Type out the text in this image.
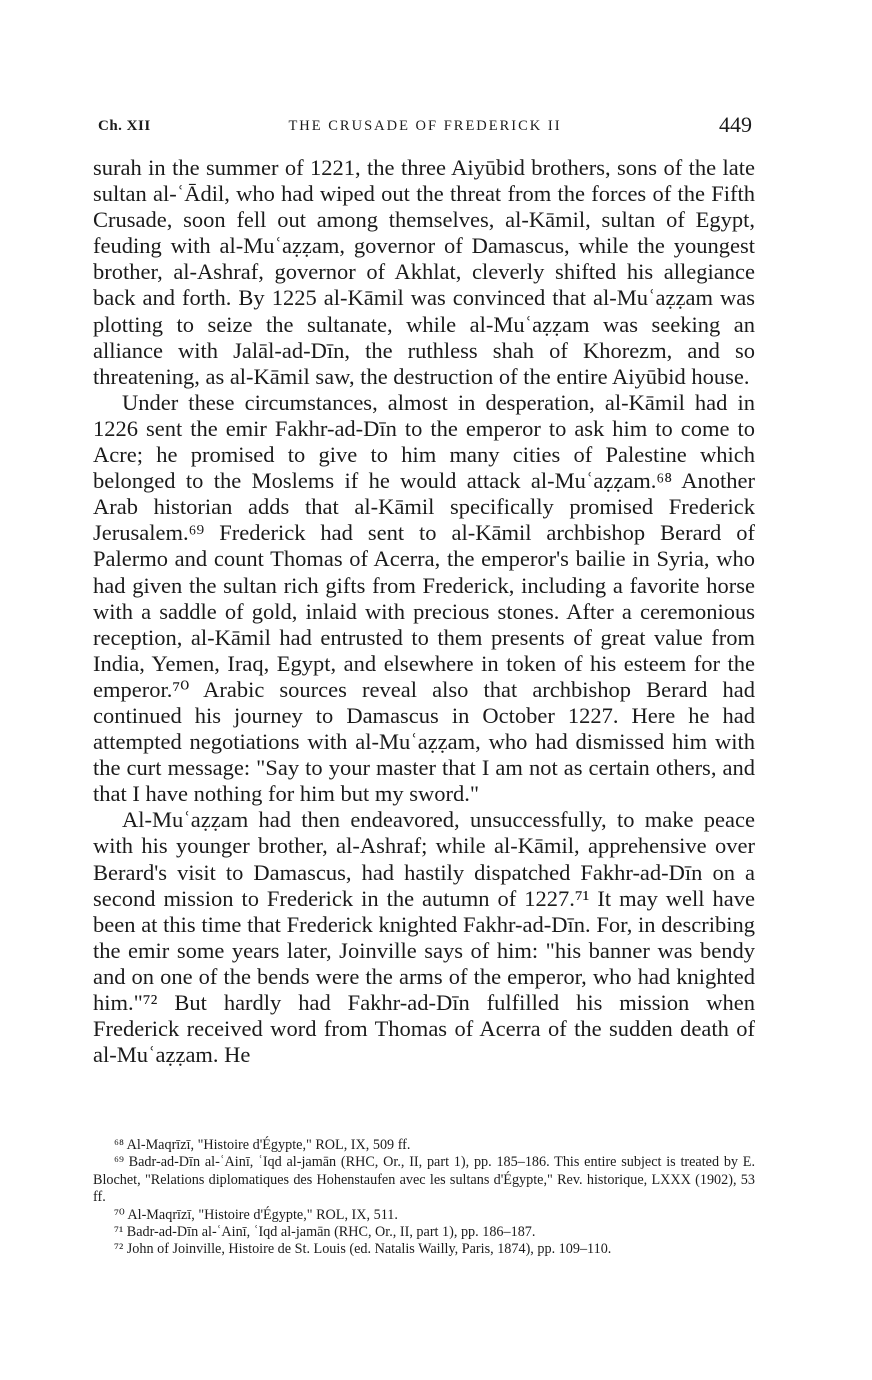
Ch. XII	THE CRUSADE OF FREDERICK II	449

surah in the summer of 1221, the three Aiyūbid brothers, sons of the late sultan al-ʿĀdil, who had wiped out the threat from the forces of the Fifth Crusade, soon fell out among themselves, al-Kāmil, sultan of Egypt, feuding with al-Muʿaẓẓam, governor of Damascus, while the youngest brother, al-Ashraf, governor of Akhlat, cleverly shifted his allegiance back and forth. By 1225 al-Kāmil was convinced that al-Muʿaẓẓam was plotting to seize the sultanate, while al-Muʿaẓẓam was seeking an alliance with Jalāl-ad-Dīn, the ruthless shah of Khorezm, and so threatening, as al-Kāmil saw, the destruction of the entire Aiyūbid house.

Under these circumstances, almost in desperation, al-Kāmil had in 1226 sent the emir Fakhr-ad-Dīn to the emperor to ask him to come to Acre; he promised to give to him many cities of Palestine which belonged to the Moslems if he would attack al-Muʿaẓẓam.⁶⁸ Another Arab historian adds that al-Kāmil specifically promised Frederick Jerusalem.⁶⁹ Frederick had sent to al-Kāmil archbishop Berard of Palermo and count Thomas of Acerra, the emperor's bailie in Syria, who had given the sultan rich gifts from Frederick, including a favorite horse with a saddle of gold, inlaid with precious stones. After a ceremonious reception, al-Kāmil had entrusted to them presents of great value from India, Yemen, Iraq, Egypt, and elsewhere in token of his esteem for the emperor.⁷⁰ Arabic sources reveal also that archbishop Berard had continued his journey to Damascus in October 1227. Here he had attempted negotiations with al-Muʿaẓẓam, who had dismissed him with the curt message: "Say to your master that I am not as certain others, and that I have nothing for him but my sword."

Al-Muʿaẓẓam had then endeavored, unsuccessfully, to make peace with his younger brother, al-Ashraf; while al-Kāmil, apprehensive over Berard's visit to Damascus, had hastily dispatched Fakhr-ad-Dīn on a second mission to Frederick in the autumn of 1227.⁷¹ It may well have been at this time that Frederick knighted Fakhr-ad-Dīn. For, in describing the emir some years later, Joinville says of him: "his banner was bendy and on one of the bends were the arms of the emperor, who had knighted him."⁷² But hardly had Fakhr-ad-Dīn fulfilled his mission when Frederick received word from Thomas of Acerra of the sudden death of al-Muʿaẓẓam. He

⁶⁸ Al-Maqrīzī, "Histoire d'Égypte," ROL, IX, 509 ff.

⁶⁹ Badr-ad-Dīn al-ʿAinī, ʿIqd al-jamān (RHC, Or., II, part 1), pp. 185–186. This entire subject is treated by E. Blochet, "Relations diplomatiques des Hohenstaufen avec les sultans d'Égypte," Rev. historique, LXXX (1902), 53 ff.

⁷⁰ Al-Maqrīzī, "Histoire d'Égypte," ROL, IX, 511.

⁷¹ Badr-ad-Dīn al-ʿAinī, ʿIqd al-jamān (RHC, Or., II, part 1), pp. 186–187.

⁷² John of Joinville, Histoire de St. Louis (ed. Natalis Wailly, Paris, 1874), pp. 109–110.
